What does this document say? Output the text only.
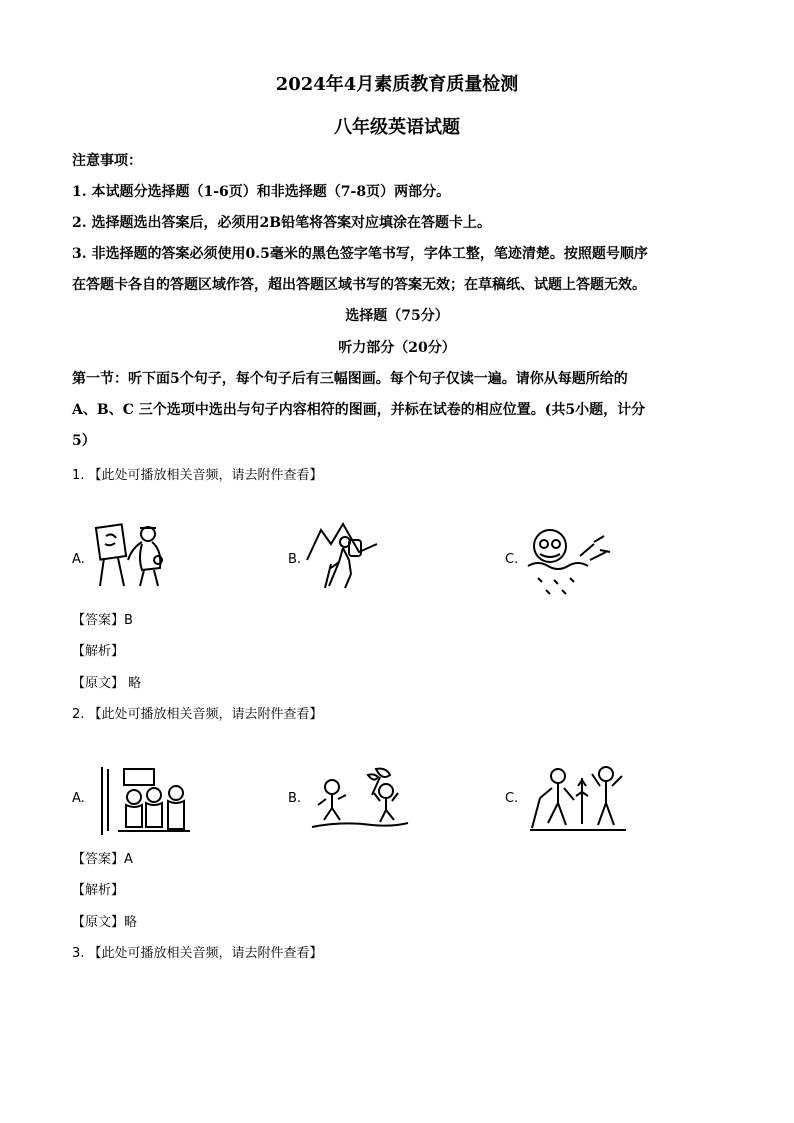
2024年4月素质教育质量检测
八年级英语试题
注意事项：
1. 本试题分选择题（1-6页）和非选择题（7-8页）两部分。
2. 选择题选出答案后，必须用2B铅笔将答案对应填涂在答题卡上。
3. 非选择题的答案必须使用0.5毫米的黑色签字笔书写，字体工整，笔迹清楚。按照题号顺序
在答题卡各自的答题区域作答，超出答题区域书写的答案无效；在草稿纸、试题上答题无效。
选择题（75分）
听力部分（20分）
第一节：听下面5个句子，每个句子后有三幅图画。每个句子仅读一遍。请你从每题所给的
A、B、C 三个选项中选出与句子内容相符的图画，并标在试卷的相应位置。(共5小题，计分
5）
1. 【此处可播放相关音频，请去附件查看】
A.	B.	C.
【答案】B
【解析】
【原文】 略
2. 【此处可播放相关音频，请去附件查看】
A.	B.	C.
【答案】A
【解析】
【原文】略
3. 【此处可播放相关音频，请去附件查看】
